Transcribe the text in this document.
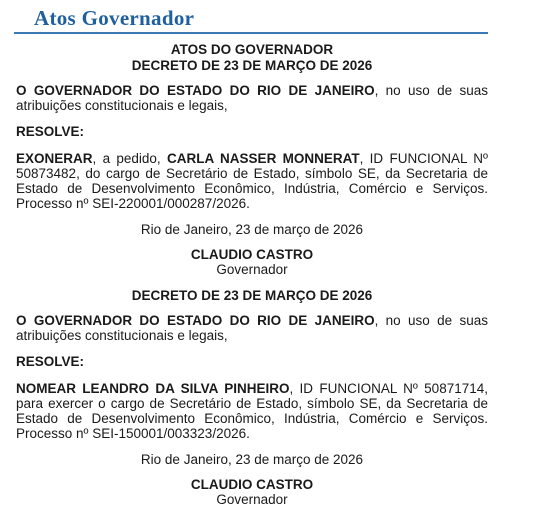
Atos Governador
ATOS DO GOVERNADOR
DECRETO DE 23 DE MARÇO DE 2026

O GOVERNADOR DO ESTADO DO RIO DE JANEIRO, no uso de suas atribuições constitucionais e legais,

RESOLVE:

EXONERAR, a pedido, CARLA NASSER MONNERAT, ID FUNCIONAL Nº 50873482, do cargo de Secretário de Estado, símbolo SE, da Secretaria de Estado de Desenvolvimento Econômico, Indústria, Comércio e Serviços. Processo nº SEI-220001/000287/2026.

Rio de Janeiro, 23 de março de 2026
CLAUDIO CASTRO
Governador
DECRETO DE 23 DE MARÇO DE 2026

O GOVERNADOR DO ESTADO DO RIO DE JANEIRO, no uso de suas atribuições constitucionais e legais,

RESOLVE:

NOMEAR LEANDRO DA SILVA PINHEIRO, ID FUNCIONAL Nº 50871714, para exercer o cargo de Secretário de Estado, símbolo SE, da Secretaria de Estado de Desenvolvimento Econômico, Indústria, Comércio e Serviços. Processo nº SEI-150001/003323/2026.

Rio de Janeiro, 23 de março de 2026
CLAUDIO CASTRO
Governador
